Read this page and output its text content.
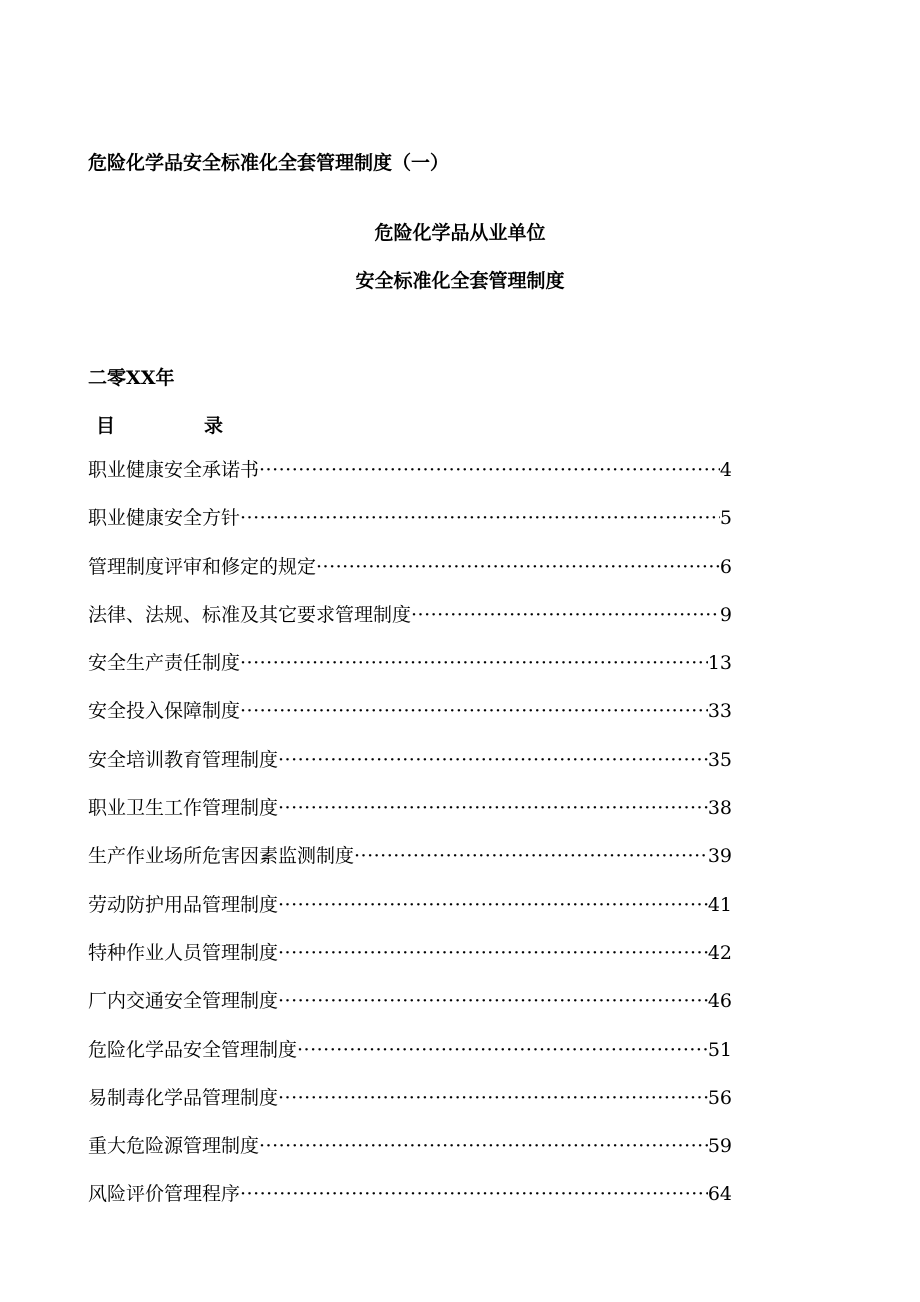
危险化学品安全标准化全套管理制度（一）
危险化学品从业单位
安全标准化全套管理制度
二零XX年
目	录
职业健康安全承诺书 ·····	4
职业健康安全方针 ·····	5
管理制度评审和修定的规定 ·····	6
法律、法规、标准及其它要求管理制度 ·····	9
安全生产责任制度 ·····	13
安全投入保障制度 ·····	33
安全培训教育管理制度 ·····	35
职业卫生工作管理制度 ·····	38
生产作业场所危害因素监测制度 ·····	39
劳动防护用品管理制度 ·····	41
特种作业人员管理制度 ·····	42
厂内交通安全管理制度 ·····	46
危险化学品安全管理制度 ·····	51
易制毒化学品管理制度 ·····	56
重大危险源管理制度 ·····	59
风险评价管理程序 ·····	64
